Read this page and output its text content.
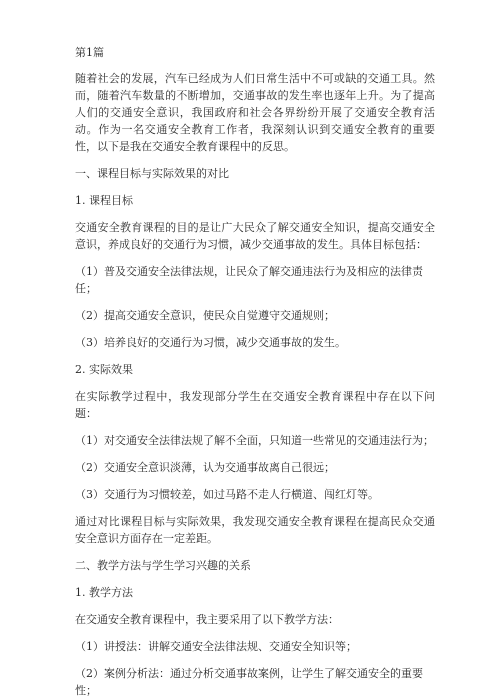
第1篇

随着社会的发展，汽车已经成为人们日常生活中不可或缺的交通工具。然而，随着汽车数量的不断增加，交通事故的发生率也逐年上升。为了提高人们的交通安全意识，我国政府和社会各界纷纷开展了交通安全教育活动。作为一名交通安全教育工作者，我深刻认识到交通安全教育的重要性，以下是我在交通安全教育课程中的反思。

一、课程目标与实际效果的对比

1. 课程目标

交通安全教育课程的目的是让广大民众了解交通安全知识，提高交通安全意识，养成良好的交通行为习惯，减少交通事故的发生。具体目标包括：

（1）普及交通安全法律法规，让民众了解交通违法行为及相应的法律责任；

（2）提高交通安全意识，使民众自觉遵守交通规则；

（3）培养良好的交通行为习惯，减少交通事故的发生。

2. 实际效果

在实际教学过程中，我发现部分学生在交通安全教育课程中存在以下问题：

（1）对交通安全法律法规了解不全面，只知道一些常见的交通违法行为；

（2）交通安全意识淡薄，认为交通事故离自己很远；

（3）交通行为习惯较差，如过马路不走人行横道、闯红灯等。

通过对比课程目标与实际效果，我发现交通安全教育课程在提高民众交通安全意识方面存在一定差距。

二、教学方法与学生学习兴趣的关系

1. 教学方法

在交通安全教育课程中，我主要采用了以下教学方法：

（1）讲授法：讲解交通安全法律法规、交通安全知识等；

（2）案例分析法：通过分析交通事故案例，让学生了解交通安全的重要性；
